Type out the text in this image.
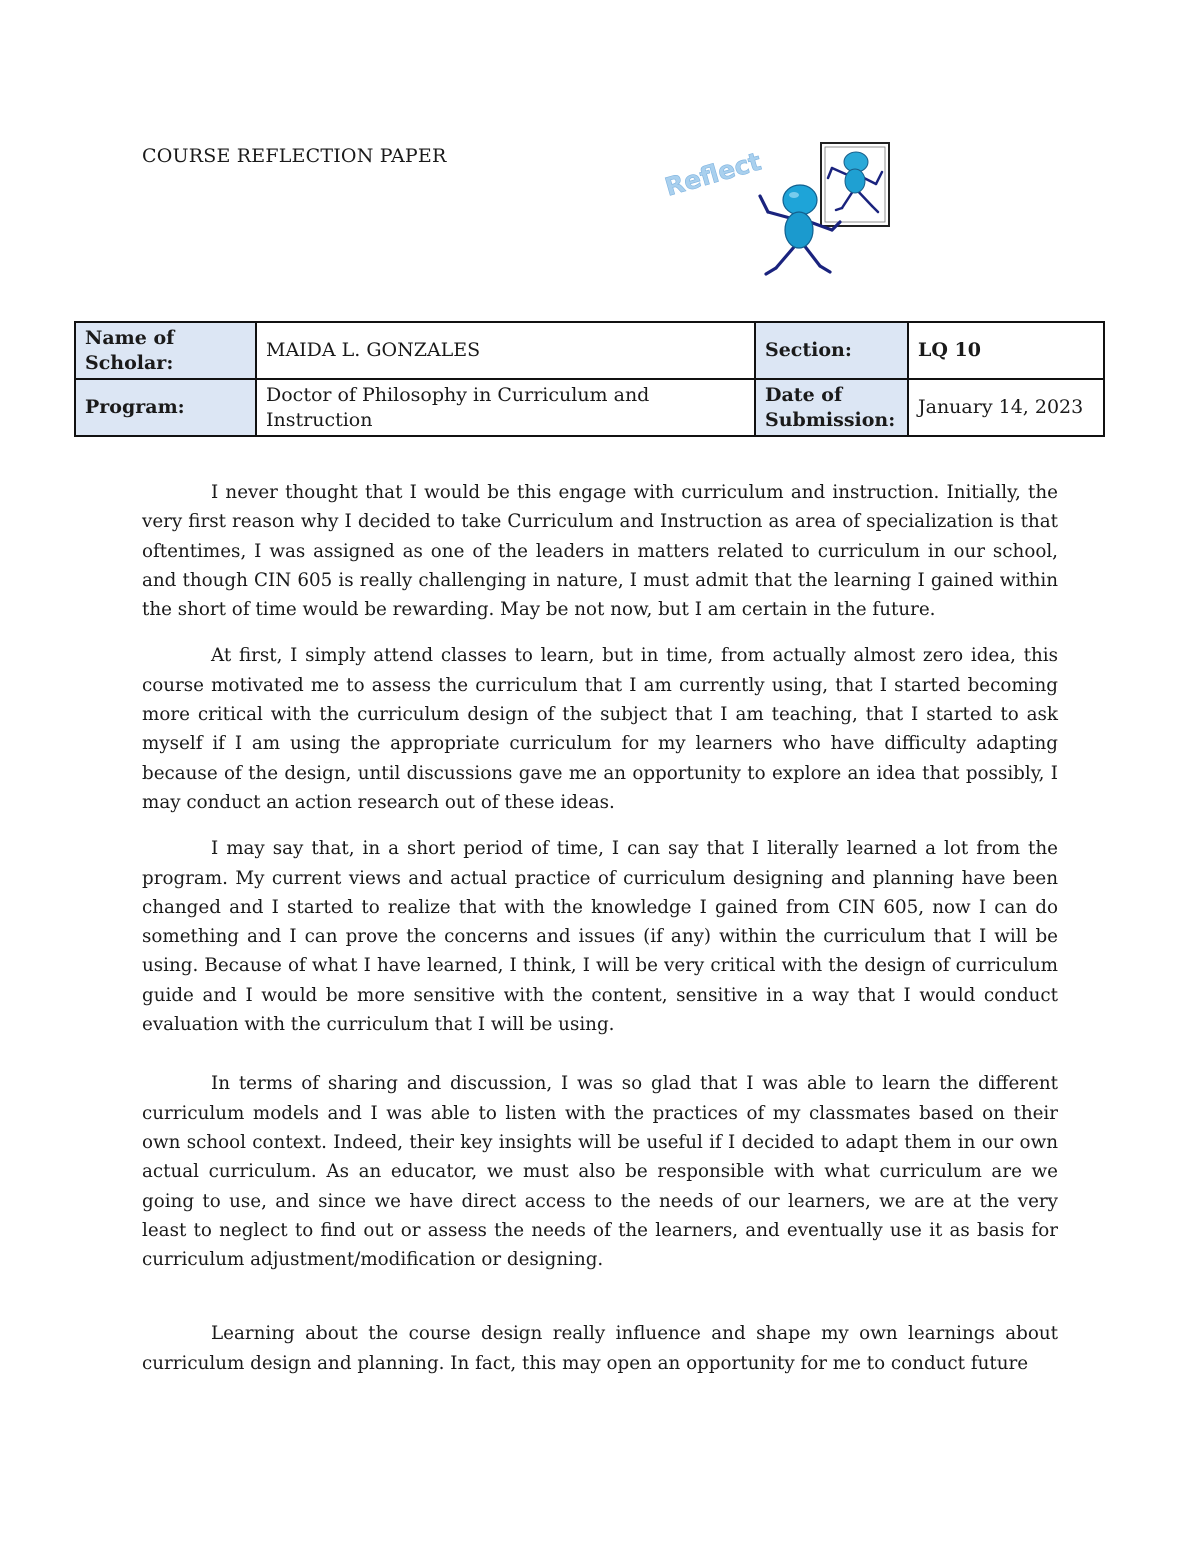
COURSE REFLECTION PAPER	Reflect
Name of Scholar:	MAIDA L. GONZALES	Section:	LQ 10
Program:	Doctor of Philosophy in Curriculum and Instruction	Date of Submission:	January 14, 2023

I never thought that I would be this engage with curriculum and instruction. Initially, the very first reason why I decided to take Curriculum and Instruction as area of specialization is that oftentimes, I was assigned as one of the leaders in matters related to curriculum in our school, and though CIN 605 is really challenging in nature, I must admit that the learning I gained within the short of time would be rewarding. May be not now, but I am certain in the future.

At first, I simply attend classes to learn, but in time, from actually almost zero idea, this course motivated me to assess the curriculum that I am currently using, that I started becoming more critical with the curriculum design of the subject that I am teaching, that I started to ask myself if I am using the appropriate curriculum for my learners who have difficulty adapting because of the design, until discussions gave me an opportunity to explore an idea that possibly, I may conduct an action research out of these ideas.

I may say that, in a short period of time, I can say that I literally learned a lot from the program. My current views and actual practice of curriculum designing and planning have been changed and I started to realize that with the knowledge I gained from CIN 605, now I can do something and I can prove the concerns and issues (if any) within the curriculum that I will be using. Because of what I have learned, I think, I will be very critical with the design of curriculum guide and I would be more sensitive with the content, sensitive in a way that I would conduct evaluation with the curriculum that I will be using.

In terms of sharing and discussion, I was so glad that I was able to learn the different curriculum models and I was able to listen with the practices of my classmates based on their own school context. Indeed, their key insights will be useful if I decided to adapt them in our own actual curriculum. As an educator, we must also be responsible with what curriculum are we going to use, and since we have direct access to the needs of our learners, we are at the very least to neglect to find out or assess the needs of the learners, and eventually use it as basis for curriculum adjustment/modification or designing.

Learning about the course design really influence and shape my own learnings about curriculum design and planning. In fact, this may open an opportunity for me to conduct future
